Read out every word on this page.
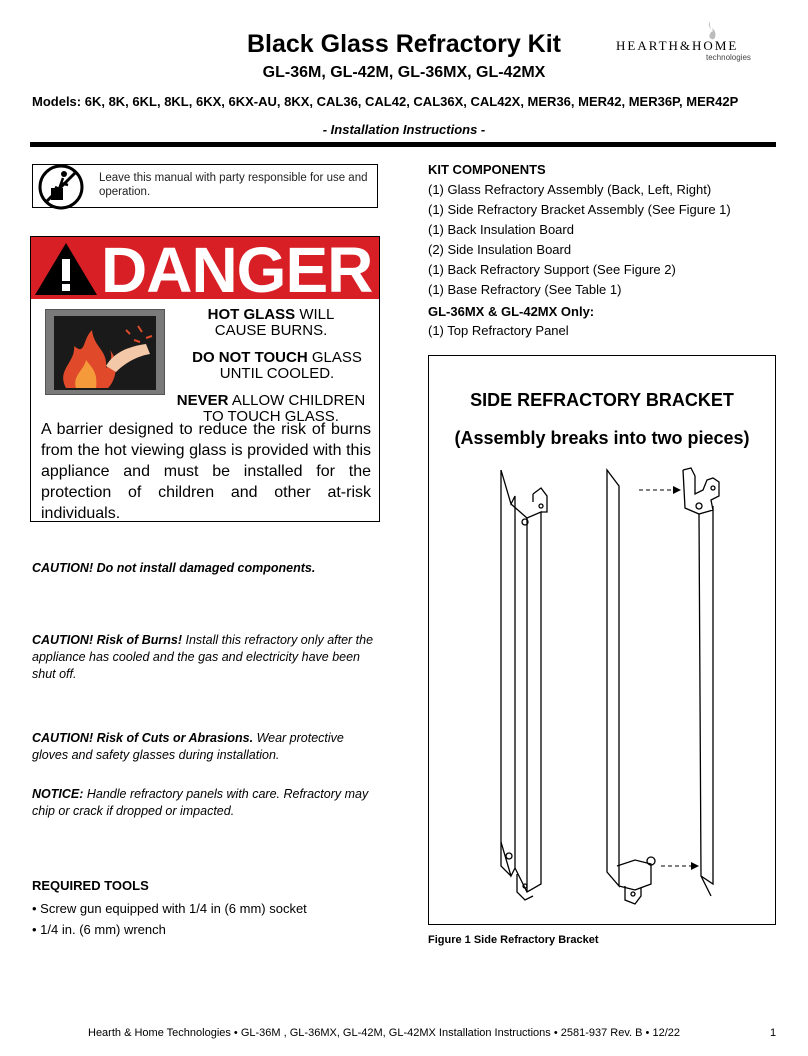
Black Glass Refractory Kit
GL-36M, GL-42M, GL-36MX, GL-42MX
Models: 6K, 8K, 6KL, 8KL, 6KX, 6KX-AU, 8KX, CAL36, CAL42, CAL36X, CAL42X, MER36, MER42, MER36P, MER42P
- Installation Instructions -
HEARTH&HOME
technologies
Leave this manual with party responsible for use and operation.
DANGER
HOT GLASS WILL
CAUSE BURNS.
DO NOT TOUCH GLASS
UNTIL COOLED.
NEVER ALLOW CHILDREN
TO TOUCH GLASS.
A barrier designed to reduce the risk of burns from the hot viewing glass is provided with this appliance and must be installed for the protection of children and other at-risk individuals.
CAUTION! Do not install damaged components.
CAUTION! Risk of Burns! Install this refractory only after the appliance has cooled and the gas and electricity have been shut off.
CAUTION! Risk of Cuts or Abrasions. Wear protective gloves and safety glasses during installation.
NOTICE: Handle refractory panels with care. Refractory may chip or crack if dropped or impacted.
REQUIRED TOOLS
• Screw gun equipped with 1/4 in (6 mm) socket
• 1/4 in. (6 mm) wrench
KIT COMPONENTS
(1) Glass Refractory Assembly (Back, Left, Right)
(1) Side Refractory Bracket Assembly (See Figure 1)
(1) Back Insulation Board
(2) Side Insulation Board
(1) Back Refractory Support (See Figure 2)
(1) Base Refractory (See Table 1)
GL-36MX & GL-42MX Only:
(1) Top Refractory Panel
SIDE REFRACTORY BRACKET
(Assembly breaks into two pieces)
Figure 1 Side Refractory Bracket
Hearth & Home Technologies • GL-36M , GL-36MX, GL-42M, GL-42MX Installation Instructions • 2581-937 Rev. B • 12/22	1
